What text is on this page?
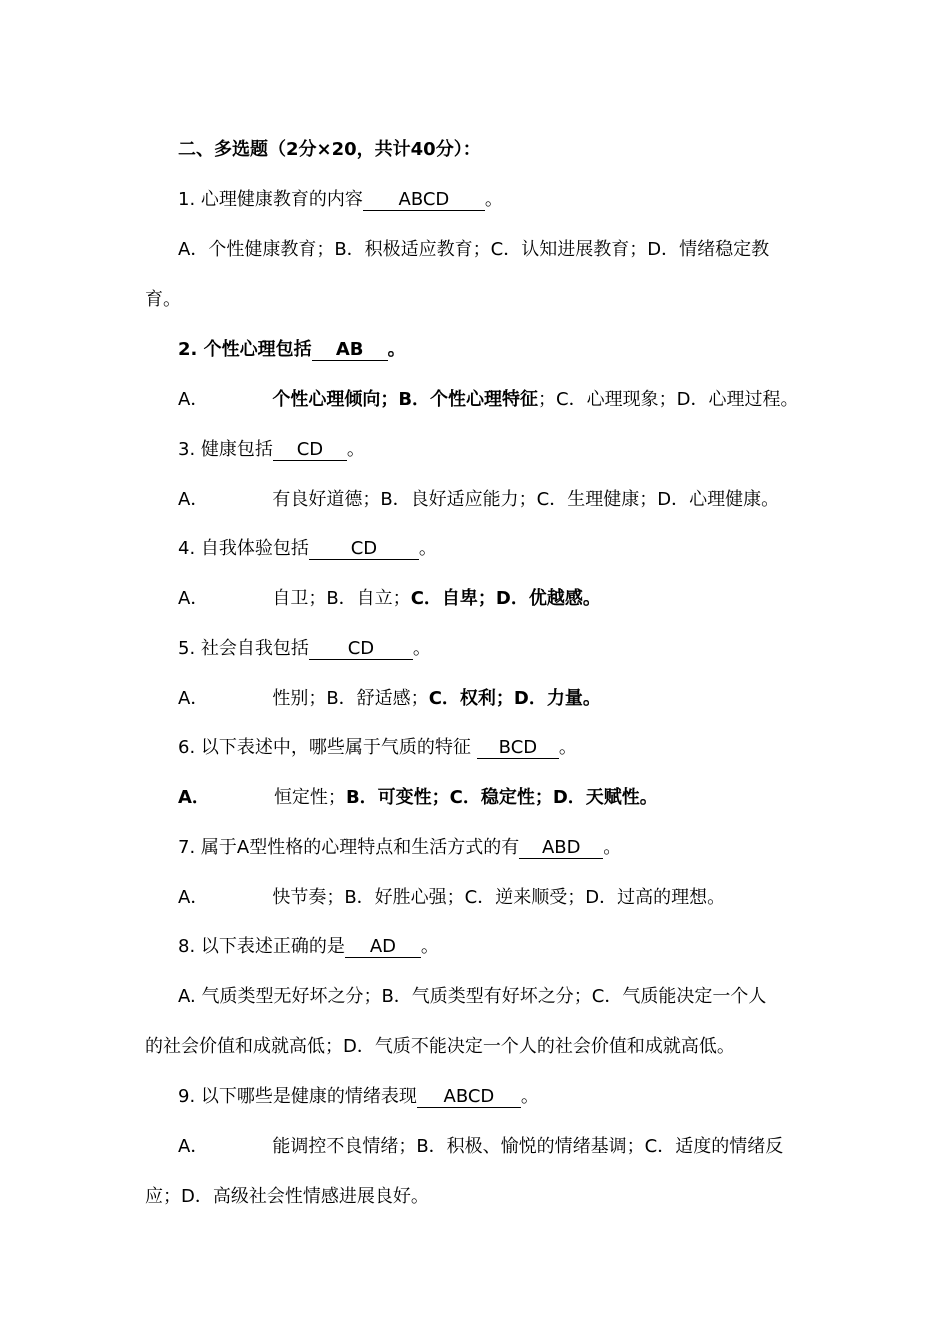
二、多选题（2分×20，共计40分）：
1. 心理健康教育的内容 ABCD 。
A．个性健康教育；B．积极适应教育；C．认知进展教育；D．情绪稳定教
育。
2. 个性心理包括 AB 。
A．	个性心理倾向；B．个性心理特征；C．心理现象；D．心理过程。
3. 健康包括 CD 。
A．	有良好道德；B．良好适应能力；C．生理健康；D．心理健康。
4. 自我体验包括 CD 。
A．	自卫；B．自立；C．自卑；D．优越感。
5. 社会自我包括 CD 。
A．	性别；B．舒适感；C．权利；D．力量。
6. 以下表述中，哪些属于气质的特征 BCD 。
A．	恒定性；B．可变性；C．稳定性；D．天赋性。
7. 属于A型性格的心理特点和生活方式的有 ABD 。
A．	快节奏；B．好胜心强；C．逆来顺受；D．过高的理想。
8. 以下表述正确的是 AD 。
A. 气质类型无好坏之分；B．气质类型有好坏之分；C．气质能决定一个人
的社会价值和成就高低；D．气质不能决定一个人的社会价值和成就高低。
9. 以下哪些是健康的情绪表现 ABCD 。
A．	能调控不良情绪；B．积极、愉悦的情绪基调；C．适度的情绪反
应；D．高级社会性情感进展良好。
